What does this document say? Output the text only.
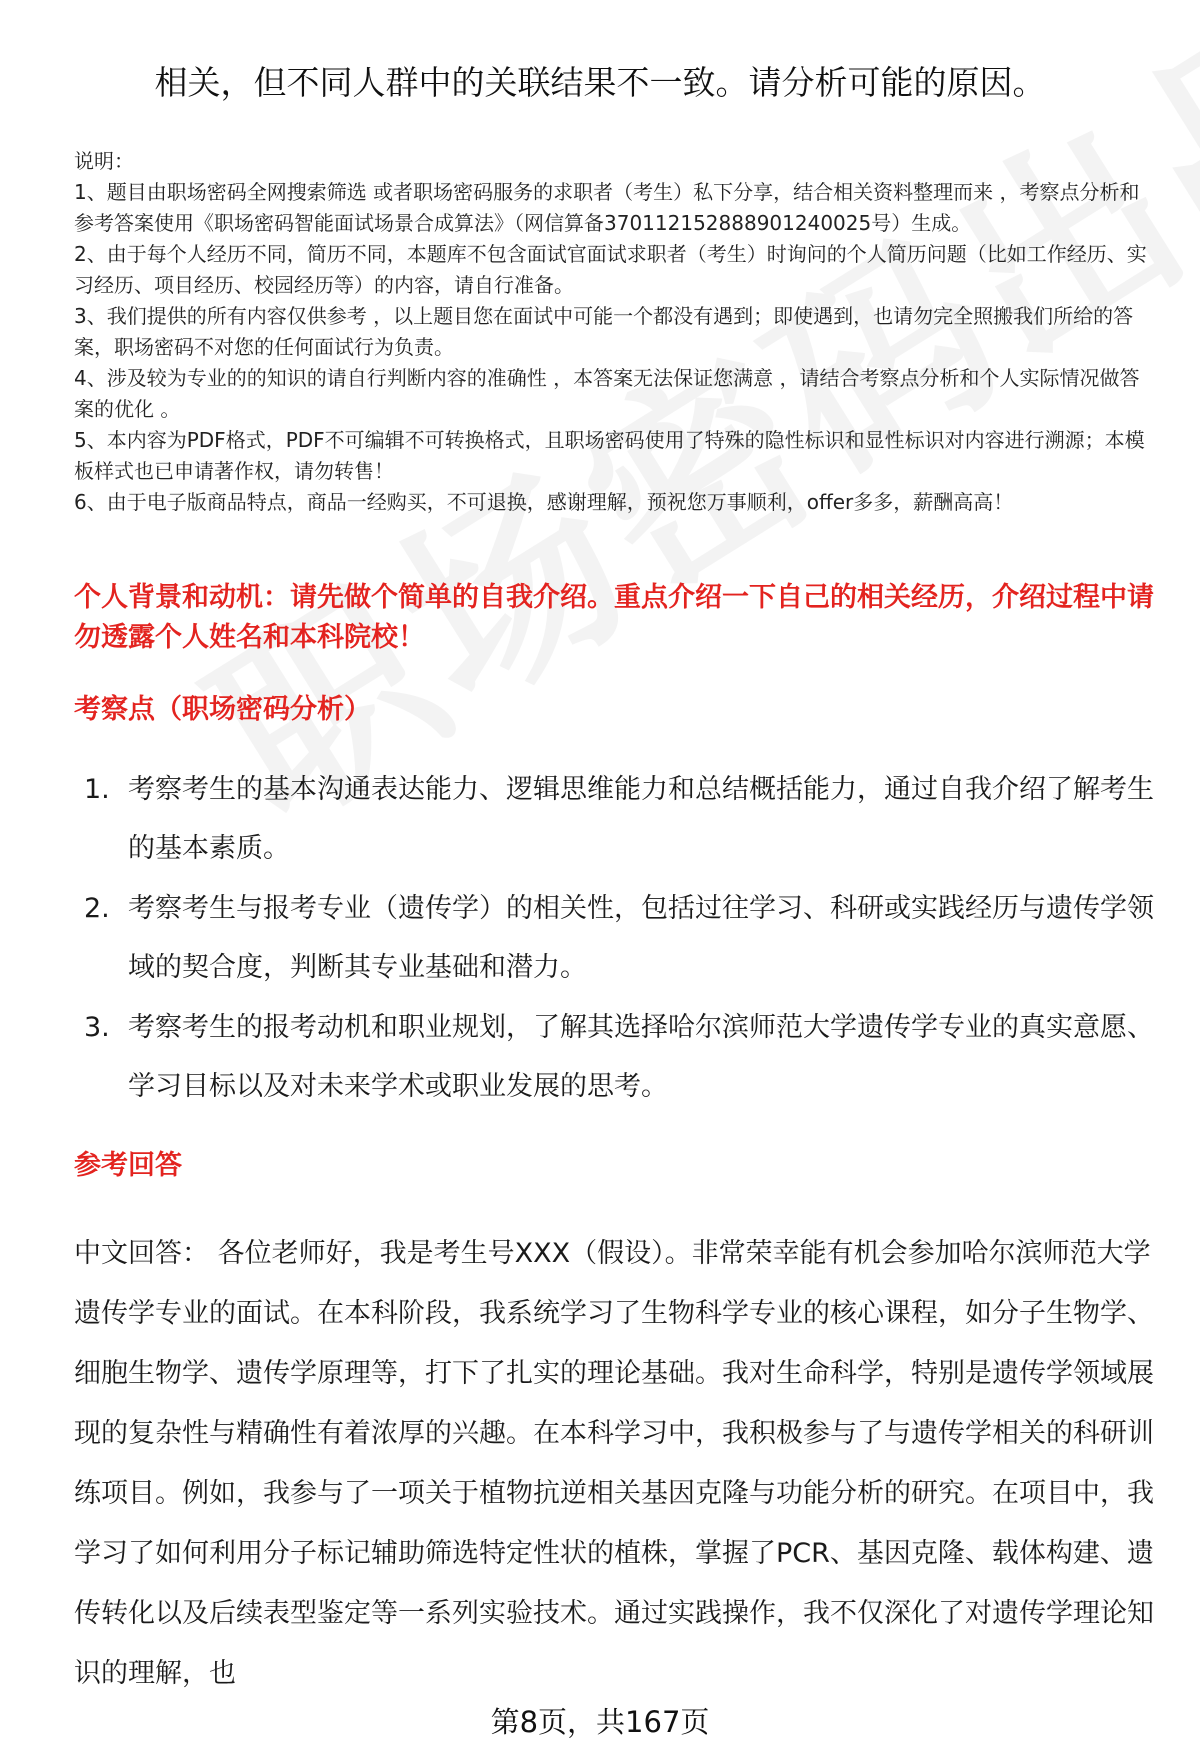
相关，但不同人群中的关联结果不一致。请分析可能的原因。

说明：

1、题目由职场密码全网搜索筛选 或者职场密码服务的求职者（考生）私下分享，结合相关资料整理而来 ，考察点分析和参考答案使用《职场密码智能面试场景合成算法》（网信算备370112152888901240025号）生成。

2、由于每个人经历不同，简历不同，本题库不包含面试官面试求职者（考生）时询问的个人简历问题（比如工作经历、实习经历、项目经历、校园经历等）的内容，请自行准备。

3、我们提供的所有内容仅供参考 ，以上题目您在面试中可能一个都没有遇到；即使遇到，也请勿完全照搬我们所给的答案，职场密码不对您的任何面试行为负责。

4、涉及较为专业的的知识的请自行判断内容的准确性 ，本答案无法保证您满意 ，请结合考察点分析和个人实际情况做答案的优化 。

5、本内容为PDF格式，PDF不可编辑不可转换格式，且职场密码使用了特殊的隐性标识和显性标识对内容进行溯源；本模板样式也已申请著作权，请勿转售！

6、由于电子版商品特点，商品一经购买，不可退换，感谢理解，预祝您万事顺利，offer多多，薪酬高高！

个人背景和动机：请先做个简单的自我介绍。重点介绍一下自己的相关经历，介绍过程中请勿透露个人姓名和本科院校！
考察点（职场密码分析）
1. 考察考生的基本沟通表达能力、逻辑思维能力和总结概括能力，通过自我介绍了解考生的基本素质。
2. 考察考生与报考专业（遗传学）的相关性，包括过往学习、科研或实践经历与遗传学领域的契合度，判断其专业基础和潜力。
3. 考察考生的报考动机和职业规划，了解其选择哈尔滨师范大学遗传学专业的真实意愿、学习目标以及对未来学术或职业发展的思考。
参考回答
中文回答： 各位老师好，我是考生号XXX（假设）。非常荣幸能有机会参加哈尔滨师范大学遗传学专业的面试。在本科阶段，我系统学习了生物科学专业的核心课程，如分子生物学、细胞生物学、遗传学原理等，打下了扎实的理论基础。我对生命科学，特别是遗传学领域展现的复杂性与精确性有着浓厚的兴趣。在本科学习中，我积极参与了与遗传学相关的科研训练项目。例如，我参与了一项关于植物抗逆相关基因克隆与功能分析的研究。在项目中，我学习了如何利用分子标记辅助筛选特定性状的植株，掌握了PCR、基因克隆、载体构建、遗传转化以及后续表型鉴定等一系列实验技术。通过实践操作，我不仅深化了对遗传学理论知识的理解，也
第8页，共167页
